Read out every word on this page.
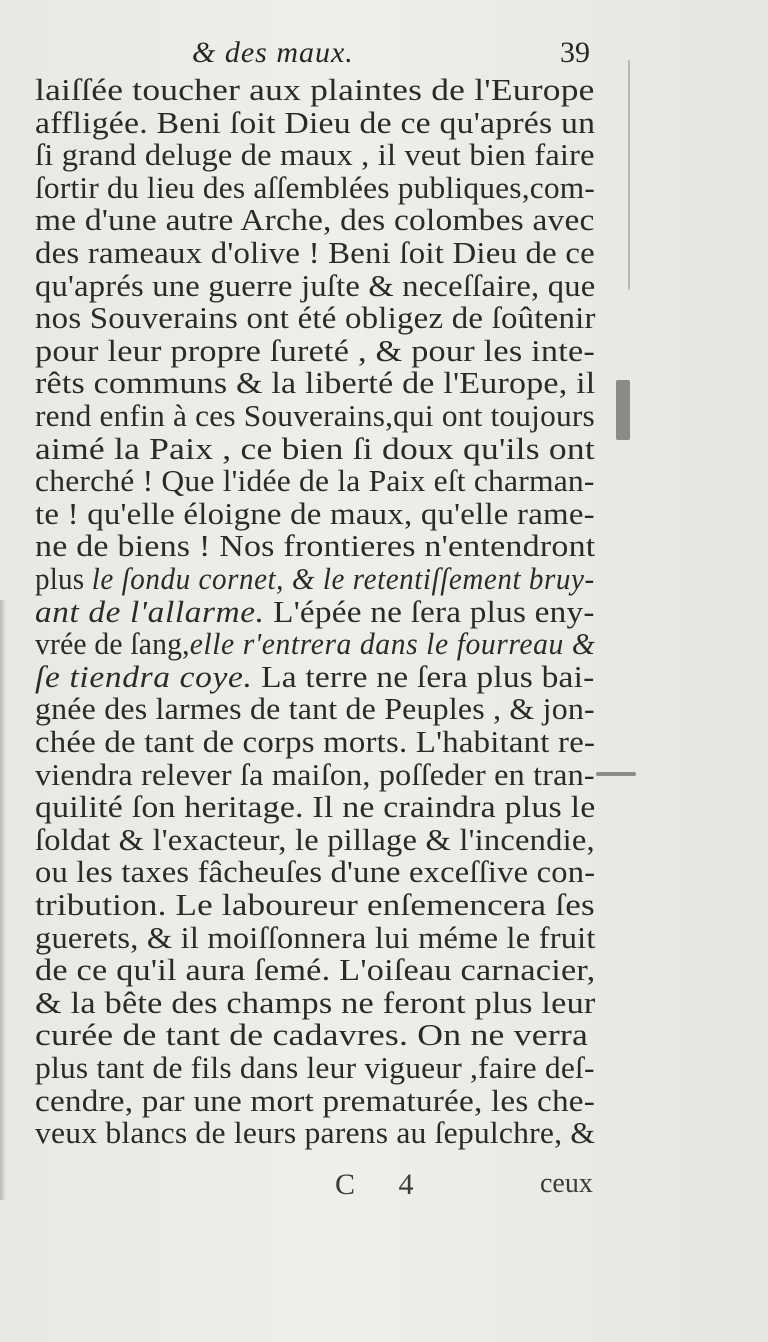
& des maux.	39
laiſſée toucher aux plaintes de l'Europe
affligée. Beni ſoit Dieu de ce qu'aprés un
ſi grand deluge de maux , il veut bien faire
ſortir du lieu des aſſemblées publiques,com-
me d'une autre Arche, des colombes avec
des rameaux d'olive ! Beni ſoit Dieu de ce
qu'aprés une guerre juſte & neceſſaire, que
nos Souverains ont été obligez de ſoûtenir
pour leur propre ſureté , & pour les inte-
rêts communs & la liberté de l'Europe, il
rend enfin à ces Souverains,qui ont toujours
aimé la Paix , ce bien ſi doux qu'ils ont
cherché ! Que l'idée de la Paix eſt charman-
te ! qu'elle éloigne de maux, qu'elle rame-
ne de biens ! Nos frontieres n'entendront
plus le ſondu cornet, & le retentiſſement bruy-
ant de l'allarme. L'épée ne ſera plus eny-
vrée de ſang,elle r'entrera dans le fourreau &
ſe tiendra coye. La terre ne ſera plus bai-
gnée des larmes de tant de Peuples , & jon-
chée de tant de corps morts. L'habitant re-
viendra relever ſa maiſon, poſſeder en tran-
quilité ſon heritage. Il ne craindra plus le
ſoldat & l'exacteur, le pillage & l'incendie,
ou les taxes fâcheuſes d'une exceſſive con-
tribution. Le laboureur enſemencera ſes
guerets, & il moiſſonnera lui méme le fruit
de ce qu'il aura ſemé. L'oiſeau carnacier,
& la bête des champs ne feront plus leur
curée de tant de cadavres. On ne verra
plus tant de fils dans leur vigueur ,faire deſ-
cendre, par une mort prematurée, les che-
veux blancs de leurs parens au ſepulchre, &
C 4	ceux
